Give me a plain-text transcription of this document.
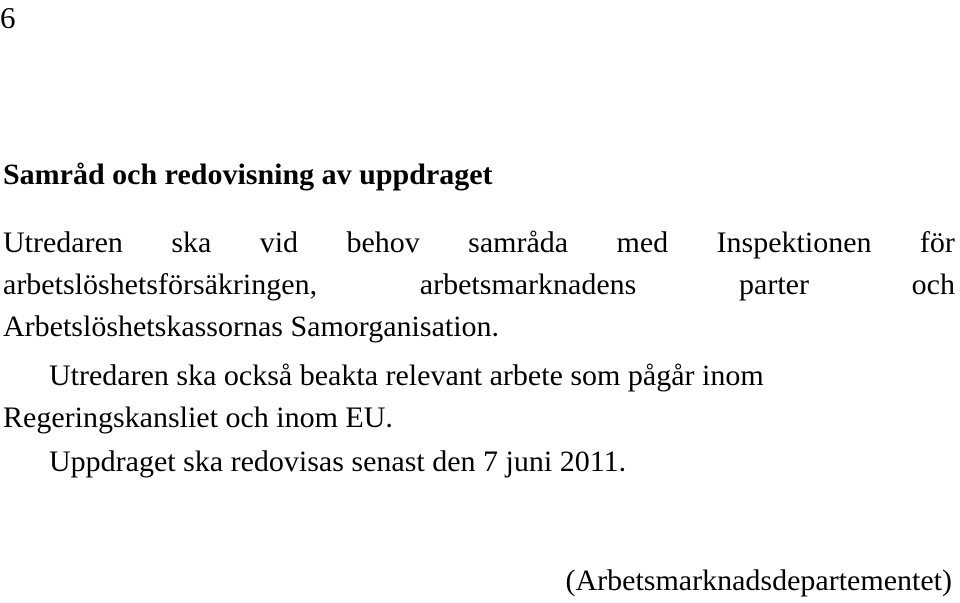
6
Samråd och redovisning av uppdraget
Utredaren ska vid behov samråda med Inspektionen för
arbetslöshetsförsäkringen,	arbetsmarknadens	parter	och
Arbetslöshetskassornas Samorganisation.
Utredaren ska också beakta relevant arbete som pågår inom
Regeringskansliet och inom EU.
Uppdraget ska redovisas senast den 7 juni 2011.
(Arbetsmarknadsdepartementet)
